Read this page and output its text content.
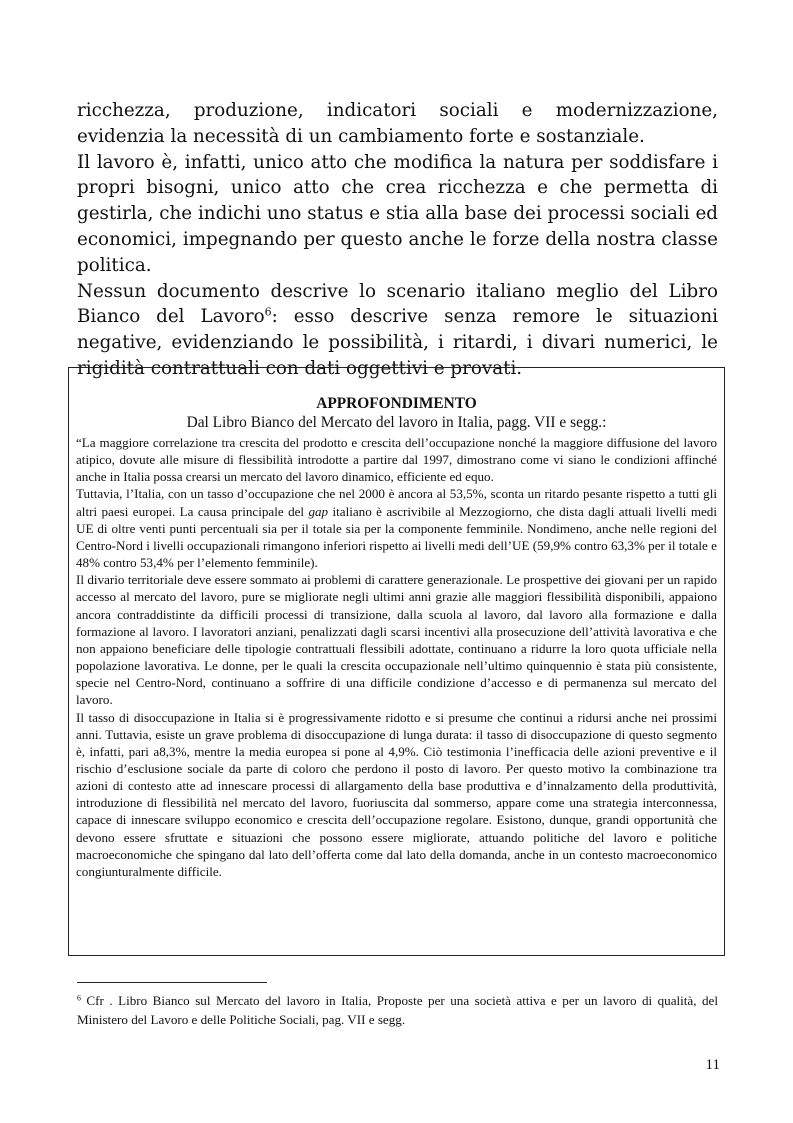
ricchezza, produzione, indicatori sociali e modernizzazione, evidenzia la necessità di un cambiamento forte e sostanziale.

Il lavoro è, infatti, unico atto che modifica la natura per soddisfare i propri bisogni, unico atto che crea ricchezza e che permetta di gestirla, che indichi uno status e stia alla base dei processi sociali ed economici, impegnando per questo anche le forze della nostra classe politica.

Nessun documento descrive lo scenario italiano meglio del Libro Bianco del Lavoro$^6$: esso descrive senza remore le situazioni negative, evidenziando le possibilità, i ritardi, i divari numerici, le rigidità contrattuali con dati oggettivi e provati.

APPROFONDIMENTO
Dal Libro Bianco del Mercato del lavoro in Italia, pagg. VII e segg.:

“La maggiore correlazione tra crescita del prodotto e crescita dell’occupazione nonché la maggiore diffusione del lavoro atipico, dovute alle misure di flessibilità introdotte a partire dal 1997, dimostrano come vi siano le condizioni affinché anche in Italia possa crearsi un mercato del lavoro dinamico, efficiente ed equo.

Tuttavia, l’Italia, con un tasso d’occupazione che nel 2000 è ancora al 53,5%, sconta un ritardo pesante rispetto a tutti gli altri paesi europei. La causa principale del gap italiano è ascrivibile al Mezzogiorno, che dista dagli attuali livelli medi UE di oltre venti punti percentuali sia per il totale sia per la componente femminile. Nondimeno, anche nelle regioni del Centro-Nord i livelli occupazionali rimangono inferiori rispetto ai livelli medi dell’UE (59,9% contro 63,3% per il totale e 48% contro 53,4% per l’elemento femminile).

Il divario territoriale deve essere sommato ai problemi di carattere generazionale. Le prospettive dei giovani per un rapido accesso al mercato del lavoro, pure se migliorate negli ultimi anni grazie alle maggiori flessibilità disponibili, appaiono ancora contraddistinte da difficili processi di transizione, dalla scuola al lavoro, dal lavoro alla formazione e dalla formazione al lavoro. I lavoratori anziani, penalizzati dagli scarsi incentivi alla prosecuzione dell’attività lavorativa e che non appaiono beneficiare delle tipologie contrattuali flessibili adottate, continuano a ridurre la loro quota ufficiale nella popolazione lavorativa. Le donne, per le quali la crescita occupazionale nell’ultimo quinquennio è stata più consistente, specie nel Centro-Nord, continuano a soffrire di una difficile condizione d’accesso e di permanenza sul mercato del lavoro.

Il tasso di disoccupazione in Italia si è progressivamente ridotto e si presume che continui a ridursi anche nei prossimi anni. Tuttavia, esiste un grave problema di disoccupazione di lunga durata: il tasso di disoccupazione di questo segmento è, infatti, pari a8,3%, mentre la media europea si pone al 4,9%. Ciò testimonia l’inefficacia delle azioni preventive e il rischio d’esclusione sociale da parte di coloro che perdono il posto di lavoro. Per questo motivo la combinazione tra azioni di contesto atte ad innescare processi di allargamento della base produttiva e d’innalzamento della produttività, introduzione di flessibilità nel mercato del lavoro, fuoriuscita dal sommerso, appare come una strategia interconnessa, capace di innescare sviluppo economico e crescita dell’occupazione regolare. Esistono, dunque, grandi opportunità che devono essere sfruttate e situazioni che possono essere migliorate, attuando politiche del lavoro e politiche macroeconomiche che spingano dal lato dell’offerta come dal lato della domanda, anche in un contesto macroeconomico congiunturalmente difficile.

$^6$ Cfr . Libro Bianco sul Mercato del lavoro in Italia, Proposte per una società attiva e per un lavoro di qualità, del Ministero del Lavoro e delle Politiche Sociali, pag. VII e segg.
11
